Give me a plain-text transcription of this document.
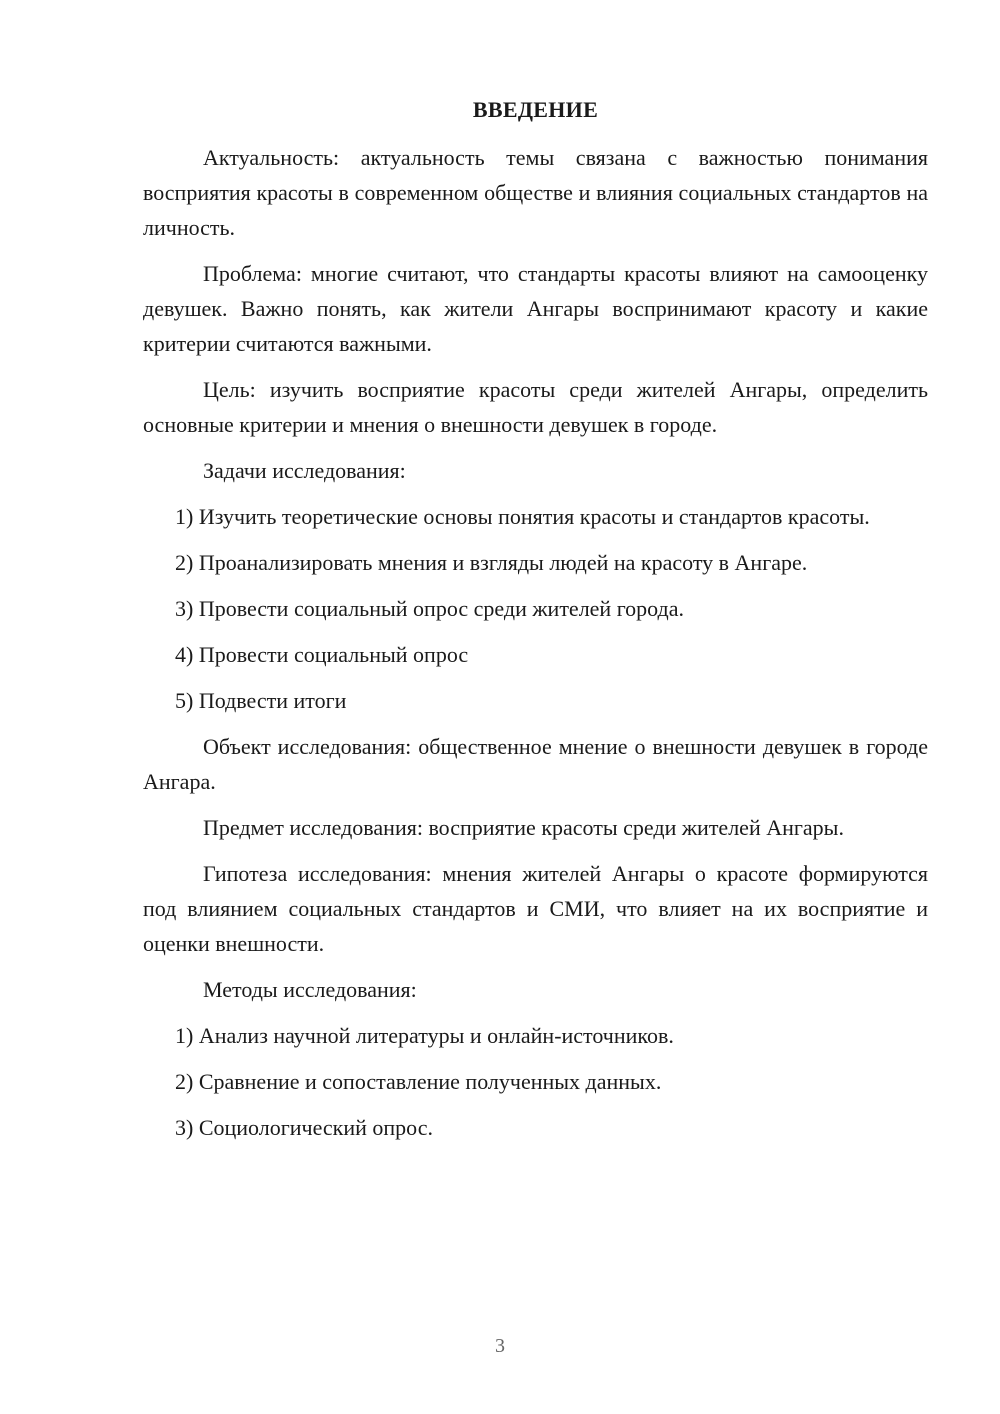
ВВЕДЕНИЕ

Актуальность: актуальность темы связана с важностью понимания восприятия красоты в современном обществе и влияния социальных стандартов на личность.

Проблема: многие считают, что стандарты красоты влияют на самооценку девушек. Важно понять, как жители Ангары воспринимают красоту и какие критерии считаются важными.

Цель: изучить восприятие красоты среди жителей Ангары, определить основные критерии и мнения о внешности девушек в городе.

Задачи исследования:

1) Изучить теоретические основы понятия красоты и стандартов красоты.

2) Проанализировать мнения и взгляды людей на красоту в Ангаре.

3) Провести социальный опрос среди жителей города.

4) Провести социальный опрос

5) Подвести итоги

Объект исследования: общественное мнение о внешности девушек в городе Ангара.

Предмет исследования: восприятие красоты среди жителей Ангары.

Гипотеза исследования: мнения жителей Ангары о красоте формируются под влиянием социальных стандартов и СМИ, что влияет на их восприятие и оценки внешности.

Методы исследования:

1) Анализ научной литературы и онлайн-источников.

2) Сравнение и сопоставление полученных данных.

3) Социологический опрос.

3
